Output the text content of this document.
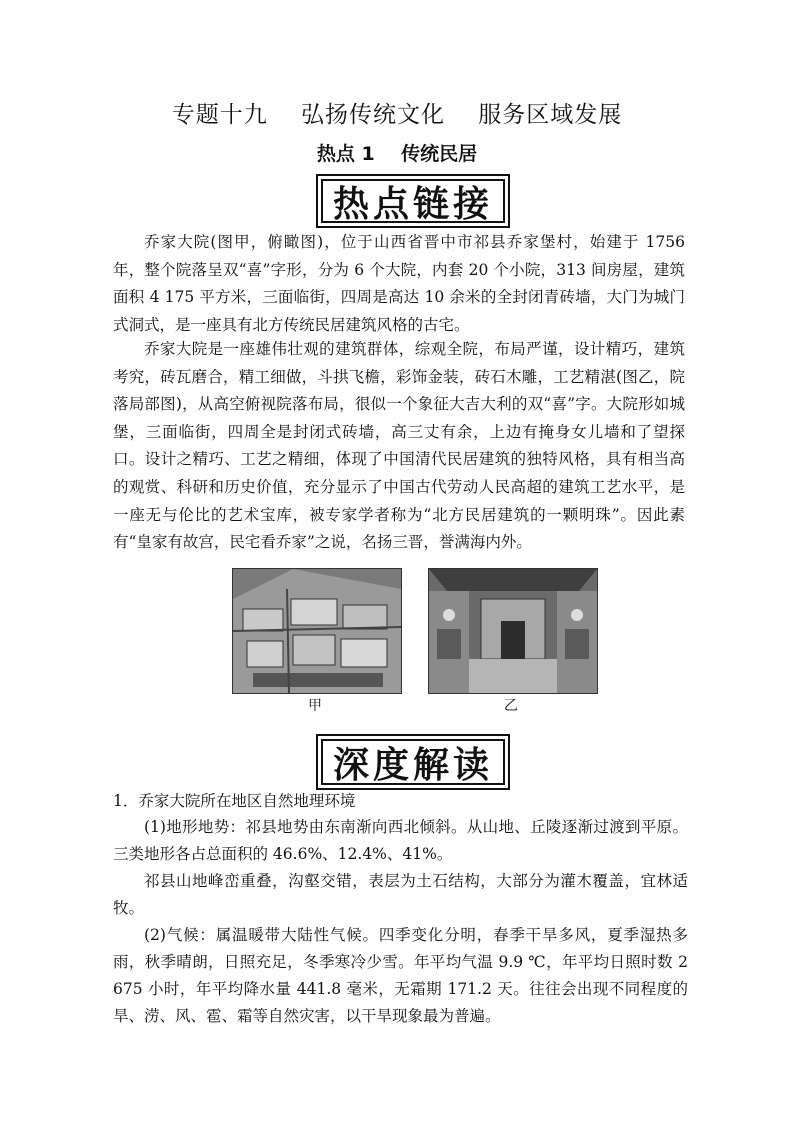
专题十九    弘扬传统文化    服务区域发展
热点 1    传统民居
热点链接

乔家大院(图甲，俯瞰图)，位于山西省晋中市祁县乔家堡村，始建于 1756 年，整个院落呈双“喜”字形，分为 6 个大院，内套 20 个小院，313 间房屋，建筑面积 4 175 平方米，三面临街，四周是高达 10 余米的全封闭青砖墙，大门为城门式洞式，是一座具有北方传统民居建筑风格的古宅。

乔家大院是一座雄伟壮观的建筑群体，综观全院，布局严谨，设计精巧，建筑考究，砖瓦磨合，精工细做，斗拱飞檐，彩饰金装，砖石木雕，工艺精湛(图乙，院落局部图)，从高空俯视院落布局，很似一个象征大吉大利的双“喜”字。大院形如城堡，三面临街，四周全是封闭式砖墙，高三丈有余，上边有掩身女儿墙和了望探口。设计之精巧、工艺之精细，体现了中国清代民居建筑的独特风格，具有相当高的观赏、科研和历史价值，充分显示了中国古代劳动人民高超的建筑工艺水平，是一座无与伦比的艺术宝库，被专家学者称为“北方民居建筑的一颗明珠”。因此素有“皇家有故宫，民宅看乔家”之说，名扬三晋，誉满海内外。

甲	乙
深度解读
1．乔家大院所在地区自然地理环境

(1)地形地势：祁县地势由东南渐向西北倾斜。从山地、丘陵逐渐过渡到平原。三类地形各占总面积的 46.6%、12.4%、41%。

祁县山地峰峦重叠，沟壑交错，表层为土石结构，大部分为灌木覆盖，宜林适牧。

(2)气候：属温暖带大陆性气候。四季变化分明，春季干旱多风，夏季湿热多雨，秋季晴朗，日照充足，冬季寒冷少雪。年平均气温 9.9 ℃，年平均日照时数 2 675 小时，年平均降水量 441.8 毫米，无霜期 171.2 天。往往会出现不同程度的旱、涝、风、雹、霜等自然灾害，以干旱现象最为普遍。
